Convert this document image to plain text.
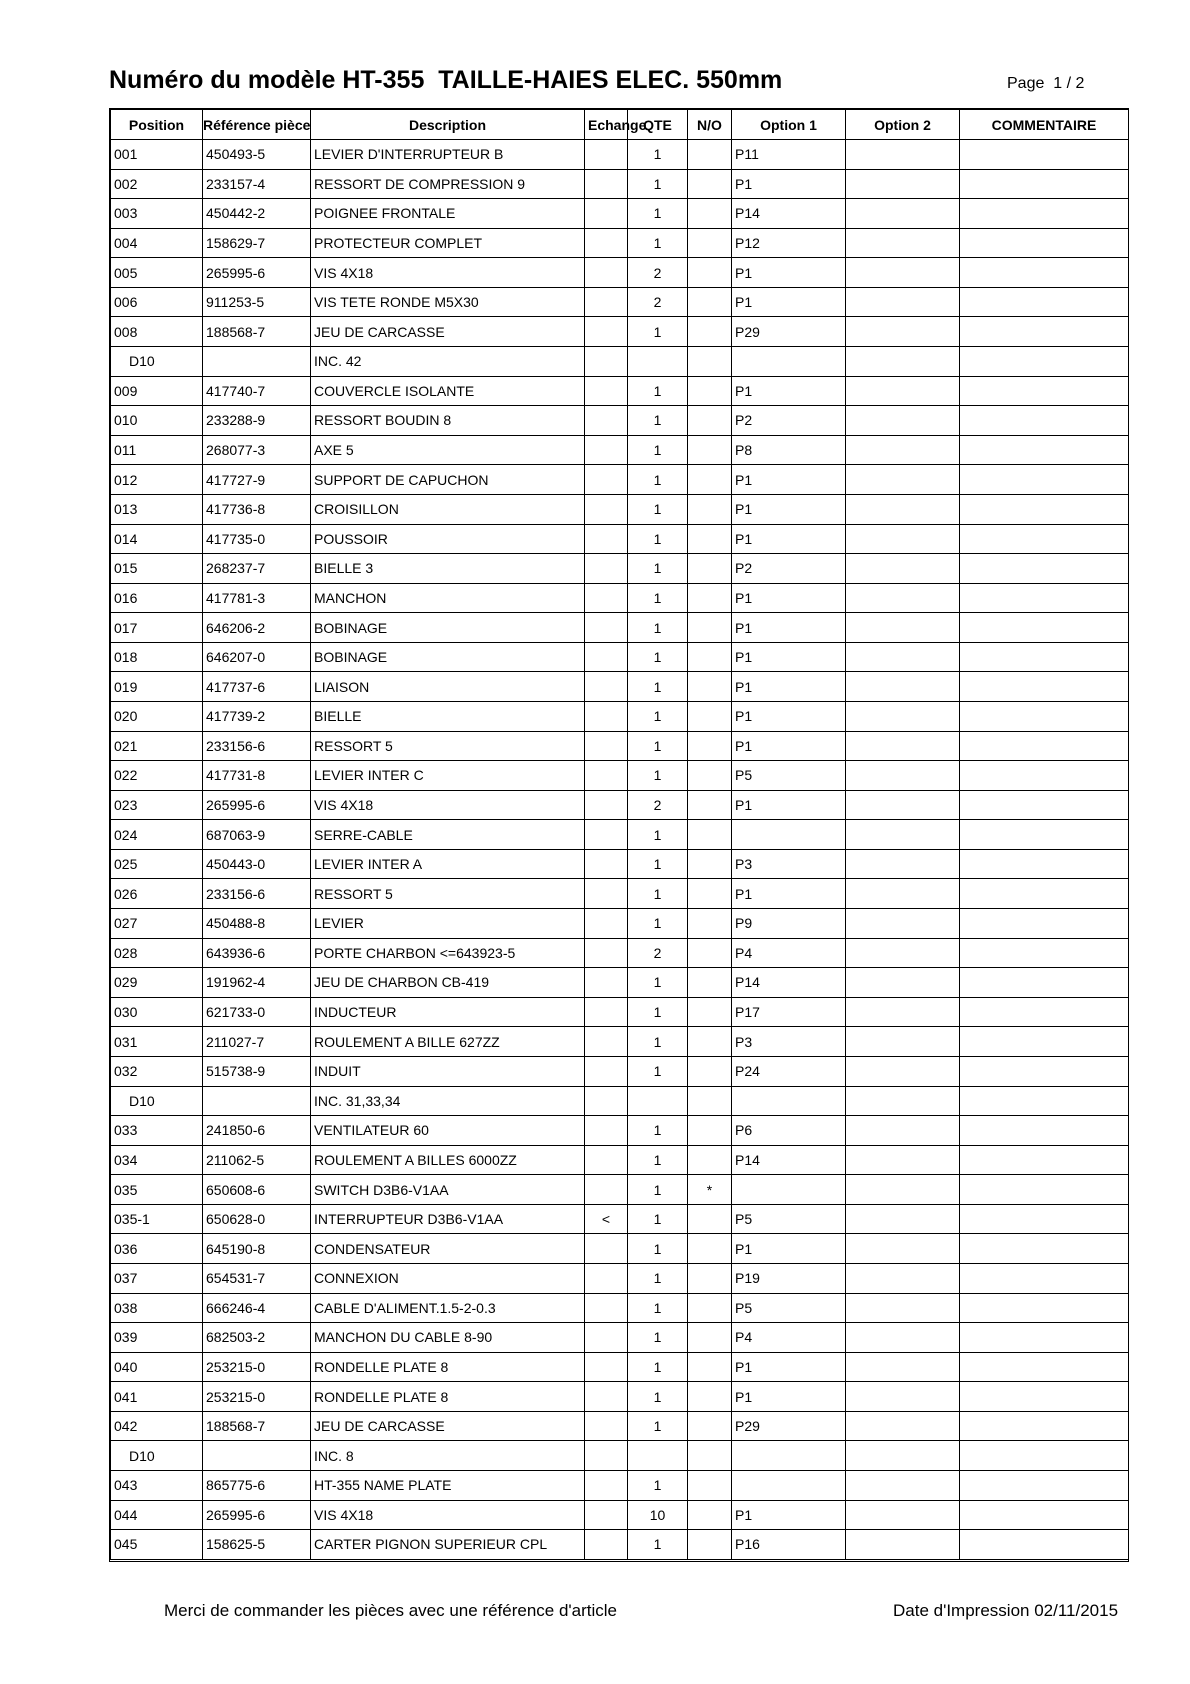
Numéro du modèle HT-355  TAILLE-HAIES ELEC. 550mm	Page  1 / 2
Position	Référence pièce	Description	Echange	QTE	N/O	Option 1	Option 2	COMMENTAIRE
001	450493-5	LEVIER D'INTERRUPTEUR B		1		P11		
002	233157-4	RESSORT DE COMPRESSION 9		1		P1		
003	450442-2	POIGNEE FRONTALE		1		P14		
004	158629-7	PROTECTEUR COMPLET		1		P12		
005	265995-6	VIS 4X18		2		P1		
006	911253-5	VIS TETE RONDE M5X30		2		P1		
008	188568-7	JEU DE CARCASSE		1		P29		
D10		INC. 42						
009	417740-7	COUVERCLE ISOLANTE		1		P1		
010	233288-9	RESSORT BOUDIN 8		1		P2		
011	268077-3	AXE 5		1		P8		
012	417727-9	SUPPORT DE CAPUCHON		1		P1		
013	417736-8	CROISILLON		1		P1		
014	417735-0	POUSSOIR		1		P1		
015	268237-7	BIELLE 3		1		P2		
016	417781-3	MANCHON		1		P1		
017	646206-2	BOBINAGE		1		P1		
018	646207-0	BOBINAGE		1		P1		
019	417737-6	LIAISON		1		P1		
020	417739-2	BIELLE		1		P1		
021	233156-6	RESSORT 5		1		P1		
022	417731-8	LEVIER INTER C		1		P5		
023	265995-6	VIS 4X18		2		P1		
024	687063-9	SERRE-CABLE		1				
025	450443-0	LEVIER INTER A		1		P3		
026	233156-6	RESSORT 5		1		P1		
027	450488-8	LEVIER		1		P9		
028	643936-6	PORTE CHARBON <=643923-5		2		P4		
029	191962-4	JEU DE CHARBON CB-419		1		P14		
030	621733-0	INDUCTEUR		1		P17		
031	211027-7	ROULEMENT A BILLE 627ZZ		1		P3		
032	515738-9	INDUIT		1		P24		
D10		INC. 31,33,34						
033	241850-6	VENTILATEUR 60		1		P6		
034	211062-5	ROULEMENT A BILLES 6000ZZ		1		P14		
035	650608-6	SWITCH D3B6-V1AA		1	*			
035-1	650628-0	INTERRUPTEUR D3B6-V1AA	<	1		P5		
036	645190-8	CONDENSATEUR		1		P1		
037	654531-7	CONNEXION		1		P19		
038	666246-4	CABLE D'ALIMENT.1.5-2-0.3		1		P5		
039	682503-2	MANCHON DU CABLE 8-90		1		P4		
040	253215-0	RONDELLE PLATE 8		1		P1		
041	253215-0	RONDELLE PLATE 8		1		P1		
042	188568-7	JEU DE CARCASSE		1		P29		
D10		INC. 8						
043	865775-6	HT-355 NAME PLATE		1				
044	265995-6	VIS 4X18		10		P1		
045	158625-5	CARTER PIGNON SUPERIEUR CPL		1		P16		
Merci de commander les pièces avec une référence d'article	Date d'Impression 02/11/2015
